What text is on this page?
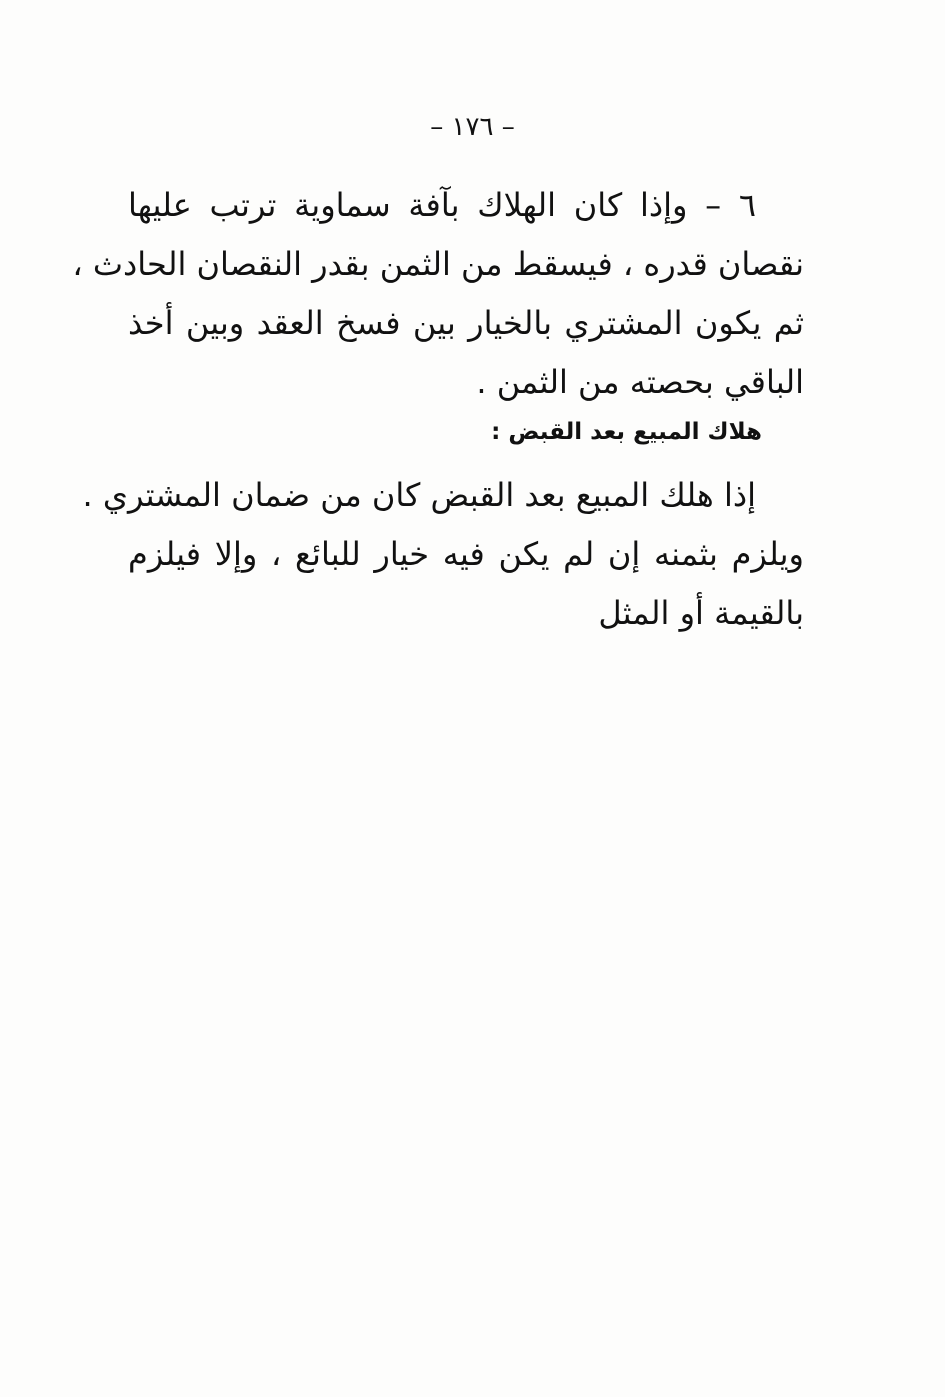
– ١٧٦ –
٦ – وإذا كان الهلاك بآفة سماوية ترتب عليها
نقصان قدره ، فيسقط من الثمن بقدر النقصان الحادث ،
ثم يكون المشتري بالخيار بين فسخ العقد وبين أخذ
الباقي بحصته من الثمن .
هلاك المبيع بعد القبض :
إذا هلك المبيع بعد القبض كان من ضمان المشتري .
ويلزم بثمنه إن لم يكن فيه خيار للبائع ، وإلا فيلزم
بالقيمة أو المثل
